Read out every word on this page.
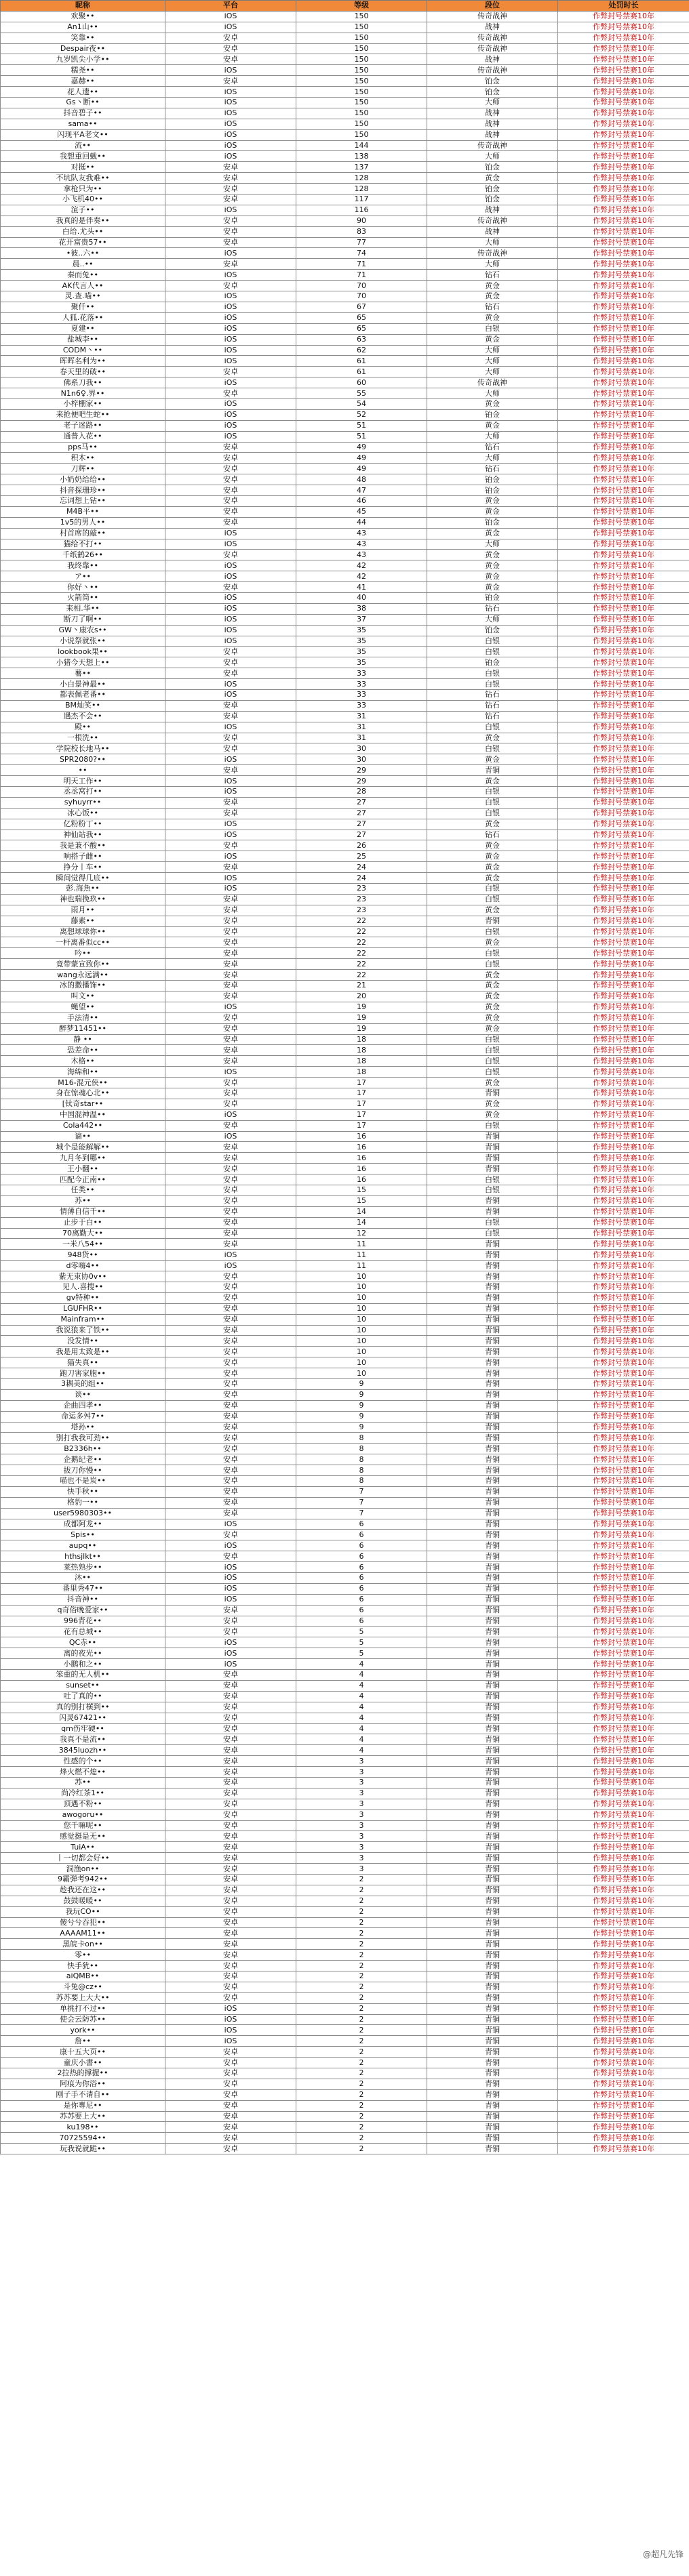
昵称	平台	等级	段位	处罚时长
欢聚••	iOS	150	传奇战神	作弊封号禁赛10年
An1山••	iOS	150	战神	作弊封号禁赛10年
笑靠••	安卓	150	传奇战神	作弊封号禁赛10年
Despair夜••	安卓	150	传奇战神	作弊封号禁赛10年
九岁凯尖小学••	安卓	150	战神	作弊封号禁赛10年
糯尧••	iOS	150	传奇战神	作弊封号禁赛10年
嘉赫••	安卓	150	铂金	作弊封号禁赛10年
花人遗••	iOS	150	铂金	作弊封号禁赛10年
Gs丶断••	iOS	150	大师	作弊封号禁赛10年
抖音碧子••	iOS	150	战神	作弊封号禁赛10年
sama••	iOS	150	战神	作弊封号禁赛10年
闪现平A老文••	iOS	150	战神	作弊封号禁赛10年
流••	iOS	144	传奇战神	作弊封号禁赛10年
我想重回戴••	iOS	138	大师	作弊封号禁赛10年
对挺••	安卓	137	铂金	作弊封号禁赛10年
不坑队友我难••	安卓	128	黄金	作弊封号禁赛10年
拿枪只为••	安卓	128	铂金	作弊封号禁赛10年
小飞机40••	安卓	117	铂金	作弊封号禁赛10年
渲子••	iOS	116	战神	作弊封号禁赛10年
我真的是伴奏••	安卓	90	传奇战神	作弊封号禁赛10年
白给.尤头••	安卓	83	战神	作弊封号禁赛10年
花开富贵57••	安卓	77	大师	作弊封号禁赛10年
•彼..六••	iOS	74	传奇战神	作弊封号禁赛10年
晨..••	安卓	71	大师	作弊封号禁赛10年
秦而兔••	iOS	71	钻石	作弊封号禁赛10年
AK代言人••	安卓	70	黄金	作弊封号禁赛10年
灵.查.喵••	iOS	70	黄金	作弊封号禁赛10年
聚仟••	iOS	67	钻石	作弊封号禁赛10年
人狐.花落••	iOS	65	黄金	作弊封号禁赛10年
夏建••	iOS	65	白银	作弊封号禁赛10年
盐城李••	iOS	63	黄金	作弊封号禁赛10年
CODM丶••	iOS	62	大师	作弊封号禁赛10年
晖晖名利为••	iOS	61	大师	作弊封号禁赛10年
春天里的破••	安卓	61	大师	作弊封号禁赛10年
佛系刀我••	iOS	60	传奇战神	作弊封号禁赛10年
N1n6♀.界••	安卓	55	大师	作弊封号禁赛10年
小梓棚家••	iOS	54	黄金	作弊封号禁赛10年
来抢便吧生蛇••	iOS	52	铂金	作弊封号禁赛10年
老子迷路••	iOS	51	黄金	作弊封号禁赛10年
通普入花••	iOS	51	大师	作弊封号禁赛10年
pps马••	安卓	49	钻石	作弊封号禁赛10年
积木••	安卓	49	大师	作弊封号禁赛10年
刀辉••	安卓	49	钻石	作弊封号禁赛10年
小奶奶给给••	安卓	48	铂金	作弊封号禁赛10年
抖音探珊珍••	安卓	47	铂金	作弊封号禁赛10年
忘词想上钻••	安卓	46	黄金	作弊封号禁赛10年
M4B平••	安卓	45	黄金	作弊封号禁赛10年
1v5的男人••	安卓	44	铂金	作弊封号禁赛10年
村首席的敲••	iOS	43	黄金	作弊封号禁赛10年
猫给不打••	iOS	43	大师	作弊封号禁赛10年
千纸鹤26••	安卓	43	黄金	作弊封号禁赛10年
我终靠••	iOS	42	黄金	作弊封号禁赛10年
ア••	iOS	42	黄金	作弊封号禁赛10年
你好丶••	安卓	41	黄金	作弊封号禁赛10年
火箭筒••	iOS	40	铂金	作弊封号禁赛10年
来相.华••	iOS	38	钻石	作弊封号禁赛10年
断刀了啊••	iOS	37	大师	作弊封号禁赛10年
GW丶康农s••	iOS	35	铂金	作弊封号禁赛10年
小说祭就张••	iOS	35	白银	作弊封号禁赛10年
lookbook果••	安卓	35	白银	作弊封号禁赛10年
小猪今天想上••	安卓	35	铂金	作弊封号禁赛10年
薯••	安卓	33	白银	作弊封号禁赛10年
小白景神最••	iOS	33	白银	作弊封号禁赛10年
都表佩老番••	iOS	33	钻石	作弊封号禁赛10年
BM灿笑••	安卓	33	钻石	作弊封号禁赛10年
遇杰不会••	安卓	31	钻石	作弊封号禁赛10年
殿••	iOS	31	白银	作弊封号禁赛10年
一根洗••	安卓	31	黄金	作弊封号禁赛10年
学院校长地马••	安卓	30	白银	作弊封号禁赛10年
SPR2080?••	iOS	30	黄金	作弊封号禁赛10年
••	安卓	29	青铜	作弊封号禁赛10年
明天工作••	iOS	29	黄金	作弊封号禁赛10年
丞丞窝打••	iOS	28	白银	作弊封号禁赛10年
syhuyrr••	安卓	27	白银	作弊封号禁赛10年
冰心饭••	安卓	27	白银	作弊封号禁赛10年
亿粉粉丁••	iOS	27	黄金	作弊封号禁赛10年
神仙站我••	iOS	27	钻石	作弊封号禁赛10年
我是兼不酸••	安卓	26	黄金	作弊封号禁赛10年
响搭子雌••	iOS	25	黄金	作弊封号禁赛10年
挣分丨车••	安卓	24	黄金	作弊封号禁赛10年
瞬间觉得几底••	iOS	24	黄金	作弊封号禁赛10年
彭.海魚••	iOS	23	白银	作弊封号禁赛10年
神也瑞挽玖••	安卓	23	白银	作弊封号禁赛10年
雨月••	安卓	23	黄金	作弊封号禁赛10年
藤素••	安卓	22	青铜	作弊封号禁赛10年
离想球球你••	安卓	22	白银	作弊封号禁赛10年
一杆离番似cc••	安卓	22	黄金	作弊封号禁赛10年
吟••	安卓	22	白银	作弊封号禁赛10年
竟带蒙宣致你••	安卓	22	白银	作弊封号禁赛10年
wang永远满••	安卓	22	黄金	作弊封号禁赛10年
冰的撒播饰••	安卓	21	黄金	作弊封号禁赛10年
叫文••	安卓	20	黄金	作弊封号禁赛10年
蝇望••	iOS	19	黄金	作弊封号禁赛10年
手法清••	安卓	19	黄金	作弊封号禁赛10年
醉梦11451••	安卓	19	黄金	作弊封号禁赛10年
静 ••	安卓	18	白银	作弊封号禁赛10年
恐差命••	安卓	18	白银	作弊封号禁赛10年
木格••	安卓	18	白银	作弊封号禁赛10年
海绵和••	iOS	18	白银	作弊封号禁赛10年
M16-混元侠••	安卓	17	黄金	作弊封号禁赛10年
身在惊魂心北••	安卓	17	青铜	作弊封号禁赛10年
[钛奇star••	安卓	17	黄金	作弊封号禁赛10年
中国混神温••	iOS	17	黄金	作弊封号禁赛10年
Cola442••	安卓	17	白银	作弊封号禁赛10年
谪••	iOS	16	青铜	作弊封号禁赛10年
城个是能解解••	安卓	16	青铜	作弊封号禁赛10年
九月冬到哪••	安卓	16	青铜	作弊封号禁赛10年
王小翻••	安卓	16	青铜	作弊封号禁赛10年
匹配今正南••	安卓	16	白银	作弊封号禁赛10年
任类••	安卓	15	白银	作弊封号禁赛10年
苏••	安卓	15	青铜	作弊封号禁赛10年
情薄自信千••	安卓	14	青铜	作弊封号禁赛10年
止步于白••	安卓	14	白银	作弊封号禁赛10年
70离勤大••	安卓	12	白银	作弊封号禁赛10年
一米八54••	安卓	11	青铜	作弊封号禁赛10年
948货••	iOS	11	青铜	作弊封号禁赛10年
d零嗨4••	iOS	11	青铜	作弊封号禁赛10年
紫无束协0v••	安卓	10	青铜	作弊封号禁赛10年
见人.喜搜••	安卓	10	青铜	作弊封号禁赛10年
gv特种••	安卓	10	青铜	作弊封号禁赛10年
LGUFHR••	安卓	10	青铜	作弊封号禁赛10年
Mainfram••	安卓	10	青铜	作弊封号禁赛10年
我说狼来了铁••	安卓	10	青铜	作弊封号禁赛10年
没发情••	安卓	10	青铜	作弊封号禁赛10年
我是用太致是••	安卓	10	青铜	作弊封号禁赛10年
猫失真••	安卓	10	青铜	作弊封号禁赛10年
跑刀害家胞••	安卓	10	青铜	作弊封号禁赛10年
3耦美的组••	安卓	9	青铜	作弊封号禁赛10年
谈••	安卓	9	青铜	作弊封号禁赛10年
企曲四孝••	安卓	9	青铜	作弊封号禁赛10年
命运多舛7••	安卓	9	青铜	作弊封号禁赛10年
塔孙••	安卓	9	青铜	作弊封号禁赛10年
别打我我可劲••	安卓	8	青铜	作弊封号禁赛10年
B2336h••	安卓	8	青铜	作弊封号禁赛10年
企鹅纪老••	安卓	8	青铜	作弊封号禁赛10年
拔刀你慢••	安卓	8	青铜	作弊封号禁赛10年
喵也不是炭••	安卓	8	青铜	作弊封号禁赛10年
快手秋••	安卓	7	青铜	作弊封号禁赛10年
格豹一••	安卓	7	青铜	作弊封号禁赛10年
user5980303••	安卓	7	青铜	作弊封号禁赛10年
成都阿龙••	iOS	6	青铜	作弊封号禁赛10年
Spis••	安卓	6	青铜	作弊封号禁赛10年
aupq••	iOS	6	青铜	作弊封号禁赛10年
hthsjlkt••	安卓	6	青铜	作弊封号禁赛10年
莱热熟步••	iOS	6	青铜	作弊封号禁赛10年
沐••	iOS	6	青铜	作弊封号禁赛10年
番里秀47••	iOS	6	青铜	作弊封号禁赛10年
抖音神••	iOS	6	青铜	作弊封号禁赛10年
q奇俗晚爱家••	安卓	6	青铜	作弊封号禁赛10年
996青花••	安卓	6	青铜	作弊封号禁赛10年
花有总城••	安卓	5	青铜	作弊封号禁赛10年
QC赤••	iOS	5	青铜	作弊封号禁赛10年
离的夜光••	iOS	5	青铜	作弊封号禁赛10年
小鹏和之••	iOS	4	青铜	作弊封号禁赛10年
笨重的无人机••	安卓	4	青铜	作弊封号禁赛10年
sunset••	安卓	4	青铜	作弊封号禁赛10年
吐了真的••	安卓	4	青铜	作弊封号禁赛10年
真的别打横到••	安卓	4	青铜	作弊封号禁赛10年
闪灵67421••	安卓	4	青铜	作弊封号禁赛10年
qm伤牢硬••	安卓	4	青铜	作弊封号禁赛10年
我真不是流••	安卓	4	青铜	作弊封号禁赛10年
3845luozh••	安卓	4	青铜	作弊封号禁赛10年
性感的个••	安卓	3	青铜	作弊封号禁赛10年
烽火燃不熄••	安卓	3	青铜	作弊封号禁赛10年
苏••	安卓	3	青铜	作弊封号禁赛10年
尚冷红茶1••	安卓	3	青铜	作弊封号禁赛10年
顶遇不粉••	安卓	3	青铜	作弊封号禁赛10年
awogoru••	安卓	3	青铜	作弊封号禁赛10年
您千嘛呢••	安卓	3	青铜	作弊封号禁赛10年
感觉挺是无••	安卓	3	青铜	作弊封号禁赛10年
TuiA••	安卓	3	青铜	作弊封号禁赛10年
丨一切都会好••	安卓	3	青铜	作弊封号禁赛10年
洞渔on••	安卓	3	青铜	作弊封号禁赛10年
9霸弹考942••	安卓	2	青铜	作弊封号禁赛10年
趁我还在这••	安卓	2	青铜	作弊封号禁赛10年
鼓鼓暖暖••	安卓	2	青铜	作弊封号禁赛10年
我玩CO••	安卓	2	青铜	作弊封号禁赛10年
傻兮兮吞犯••	安卓	2	青铜	作弊封号禁赛10年
AAAAM11••	安卓	2	青铜	作弊封号禁赛10年
黑皖卡on••	安卓	2	青铜	作弊封号禁赛10年
零••	安卓	2	青铜	作弊封号禁赛10年
快手犹••	安卓	2	青铜	作弊封号禁赛10年
aiQMB••	安卓	2	青铜	作弊封号禁赛10年
斗兔@cz••	安卓	2	青铜	作弊封号禁赛10年
苏苏要上大大••	安卓	2	青铜	作弊封号禁赛10年
单挑打不过••	iOS	2	青铜	作弊封号禁赛10年
使会云防苏••	iOS	2	青铜	作弊封号禁赛10年
york••	iOS	2	青铜	作弊封号禁赛10年
詹••	iOS	2	青铜	作弊封号禁赛10年
康十五大页••	安卓	2	青铜	作弊封号禁赛10年
童庆小書••	安卓	2	青铜	作弊封号禁赛10年
2拉热的撑握••	安卓	2	青铜	作弊封号禁赛10年
阿痕为你浴••	安卓	2	青铜	作弊封号禁赛10年
刚子手不请自••	安卓	2	青铜	作弊封号禁赛10年
是你專尼••	安卓	2	青铜	作弊封号禁赛10年
苏苏要上大••	安卓	2	青铜	作弊封号禁赛10年
ku198••	安卓	2	青铜	作弊封号禁赛10年
70725594••	安卓	2	青铜	作弊封号禁赛10年
玩我说就跪••	安卓	2	青铜	作弊封号禁赛10年
@超凡先锋
